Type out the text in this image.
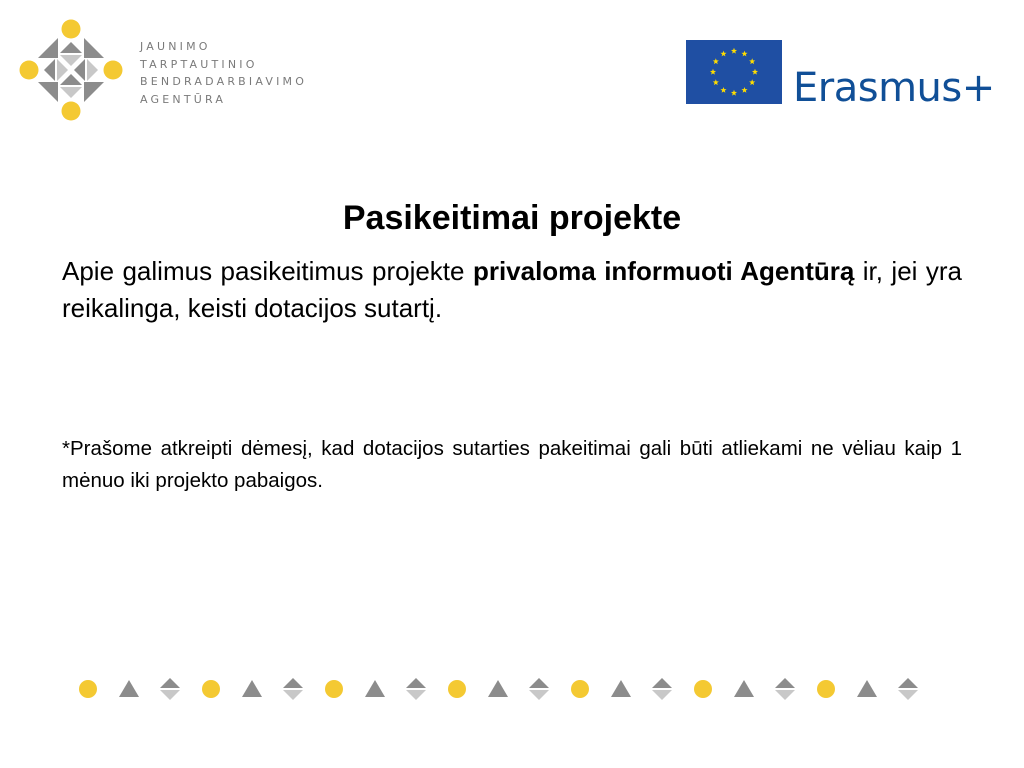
JAUNIMO
TARPTAUTINIO
BENDRADARBIAVIMO
AGENTŪRA	Erasmus+
Pasikeitimai projekte
Apie galimus pasikeitimus projekte privaloma informuoti Agentūrą ir, jei yra reikalinga, keisti dotacijos sutartį.
*Prašome atkreipti dėmesį, kad dotacijos sutarties pakeitimai gali būti atliekami ne vėliau kaip 1 mėnuo iki projekto pabaigos.
